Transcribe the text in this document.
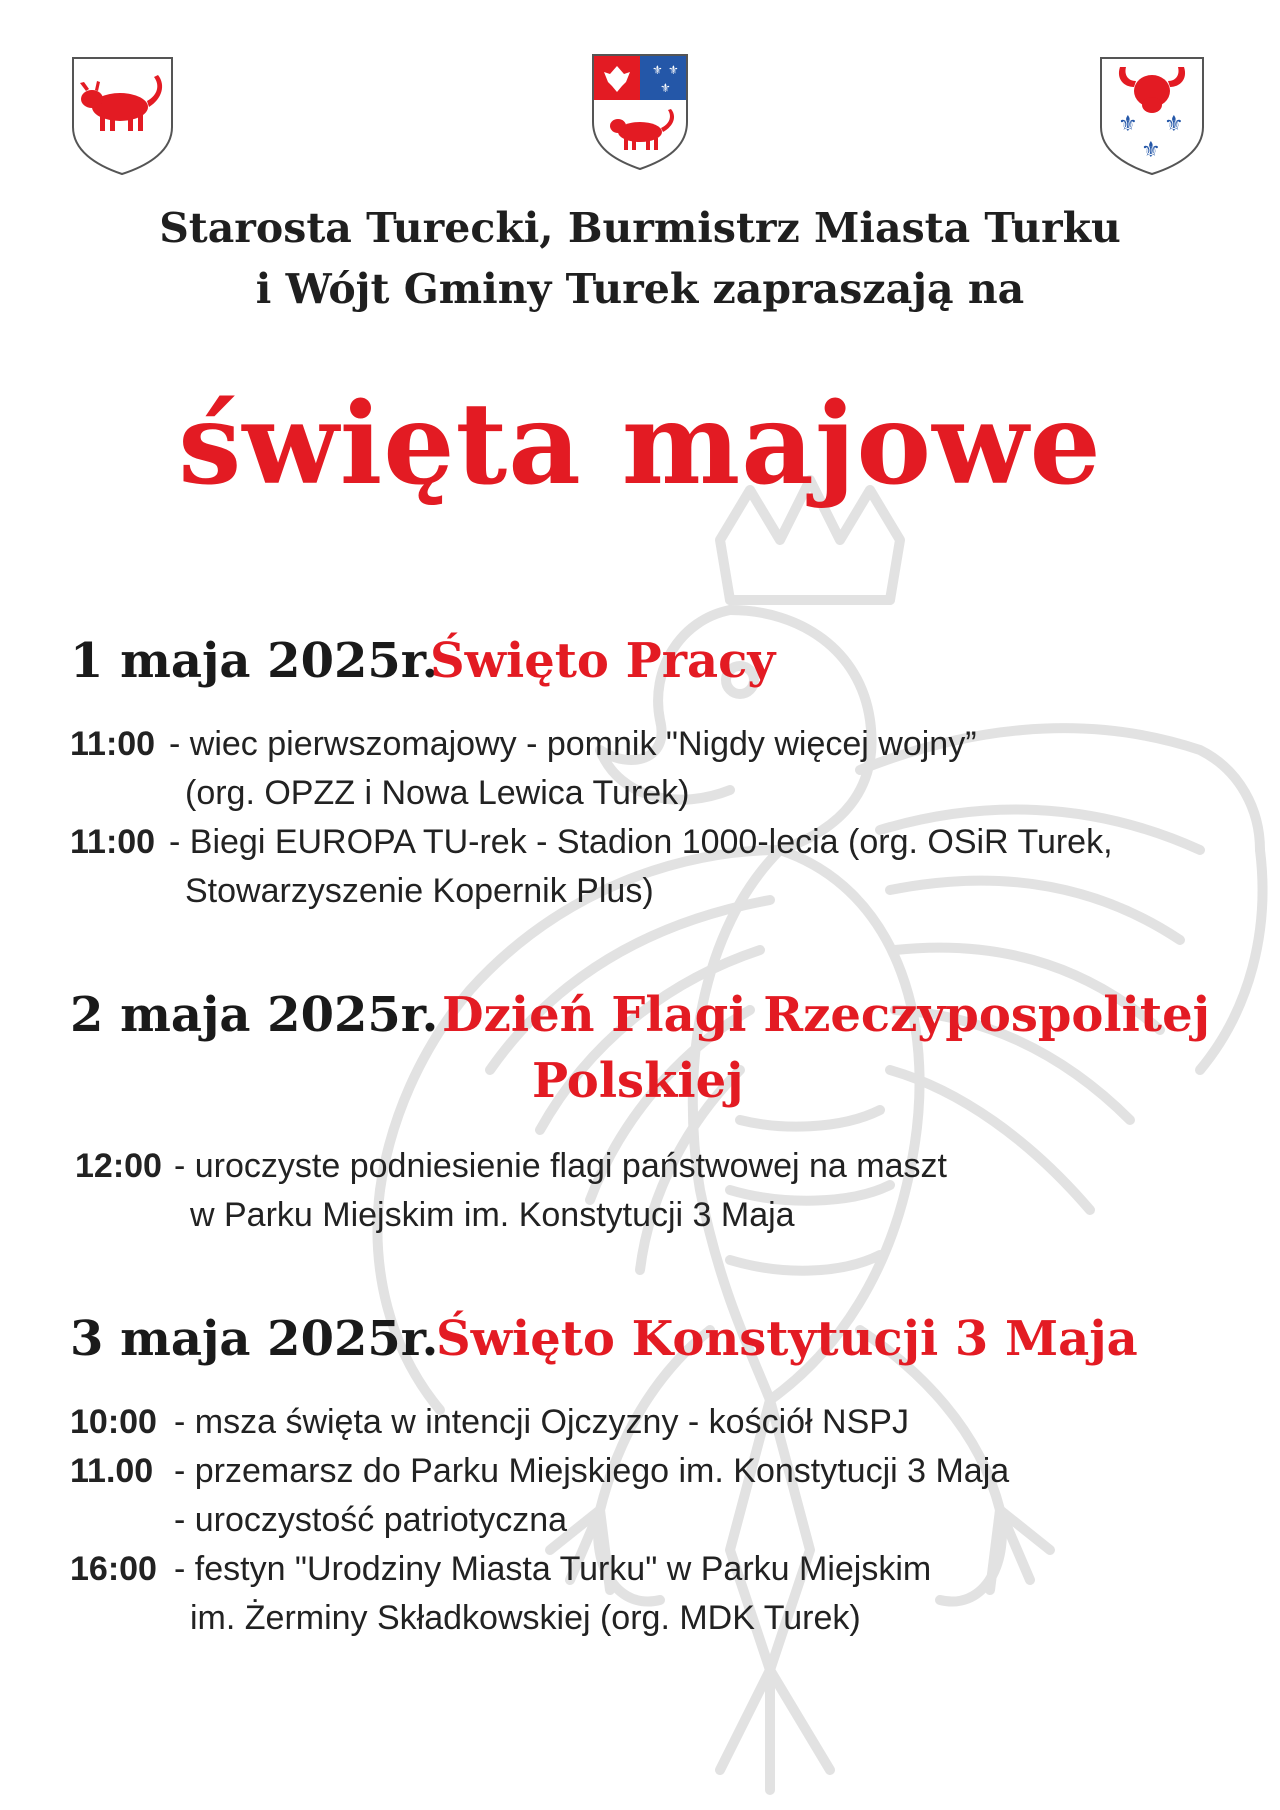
⚜ ⚜
⚜
⚜ ⚜
⚜
Starosta Turecki, Burmistrz Miasta Turku
i Wójt Gminy Turek zapraszają na
święta majowe
1 maja 2025r.
Święto Pracy
11:00 - wiec pierwszomajowy - pomnik "Nigdy więcej wojny”
(org. OPZZ i Nowa Lewica Turek)
11:00 - Biegi EUROPA TU-rek - Stadion 1000-lecia (org. OSiR Turek,
Stowarzyszenie Kopernik Plus)
2 maja 2025r. Dzień Flagi Rzeczypospolitej
Polskiej
12:00 - uroczyste podniesienie flagi państwowej na maszt
w Parku Miejskim im. Konstytucji 3 Maja
3 maja 2025r.
Święto Konstytucji 3 Maja
10:00 - msza święta w intencji Ojczyzny - kościół NSPJ
11.00 - przemarsz do Parku Miejskiego im. Konstytucji 3 Maja
- uroczystość patriotyczna
16:00 - festyn "Urodziny Miasta Turku" w Parku Miejskim
im. Żerminy Składkowskiej (org. MDK Turek)
